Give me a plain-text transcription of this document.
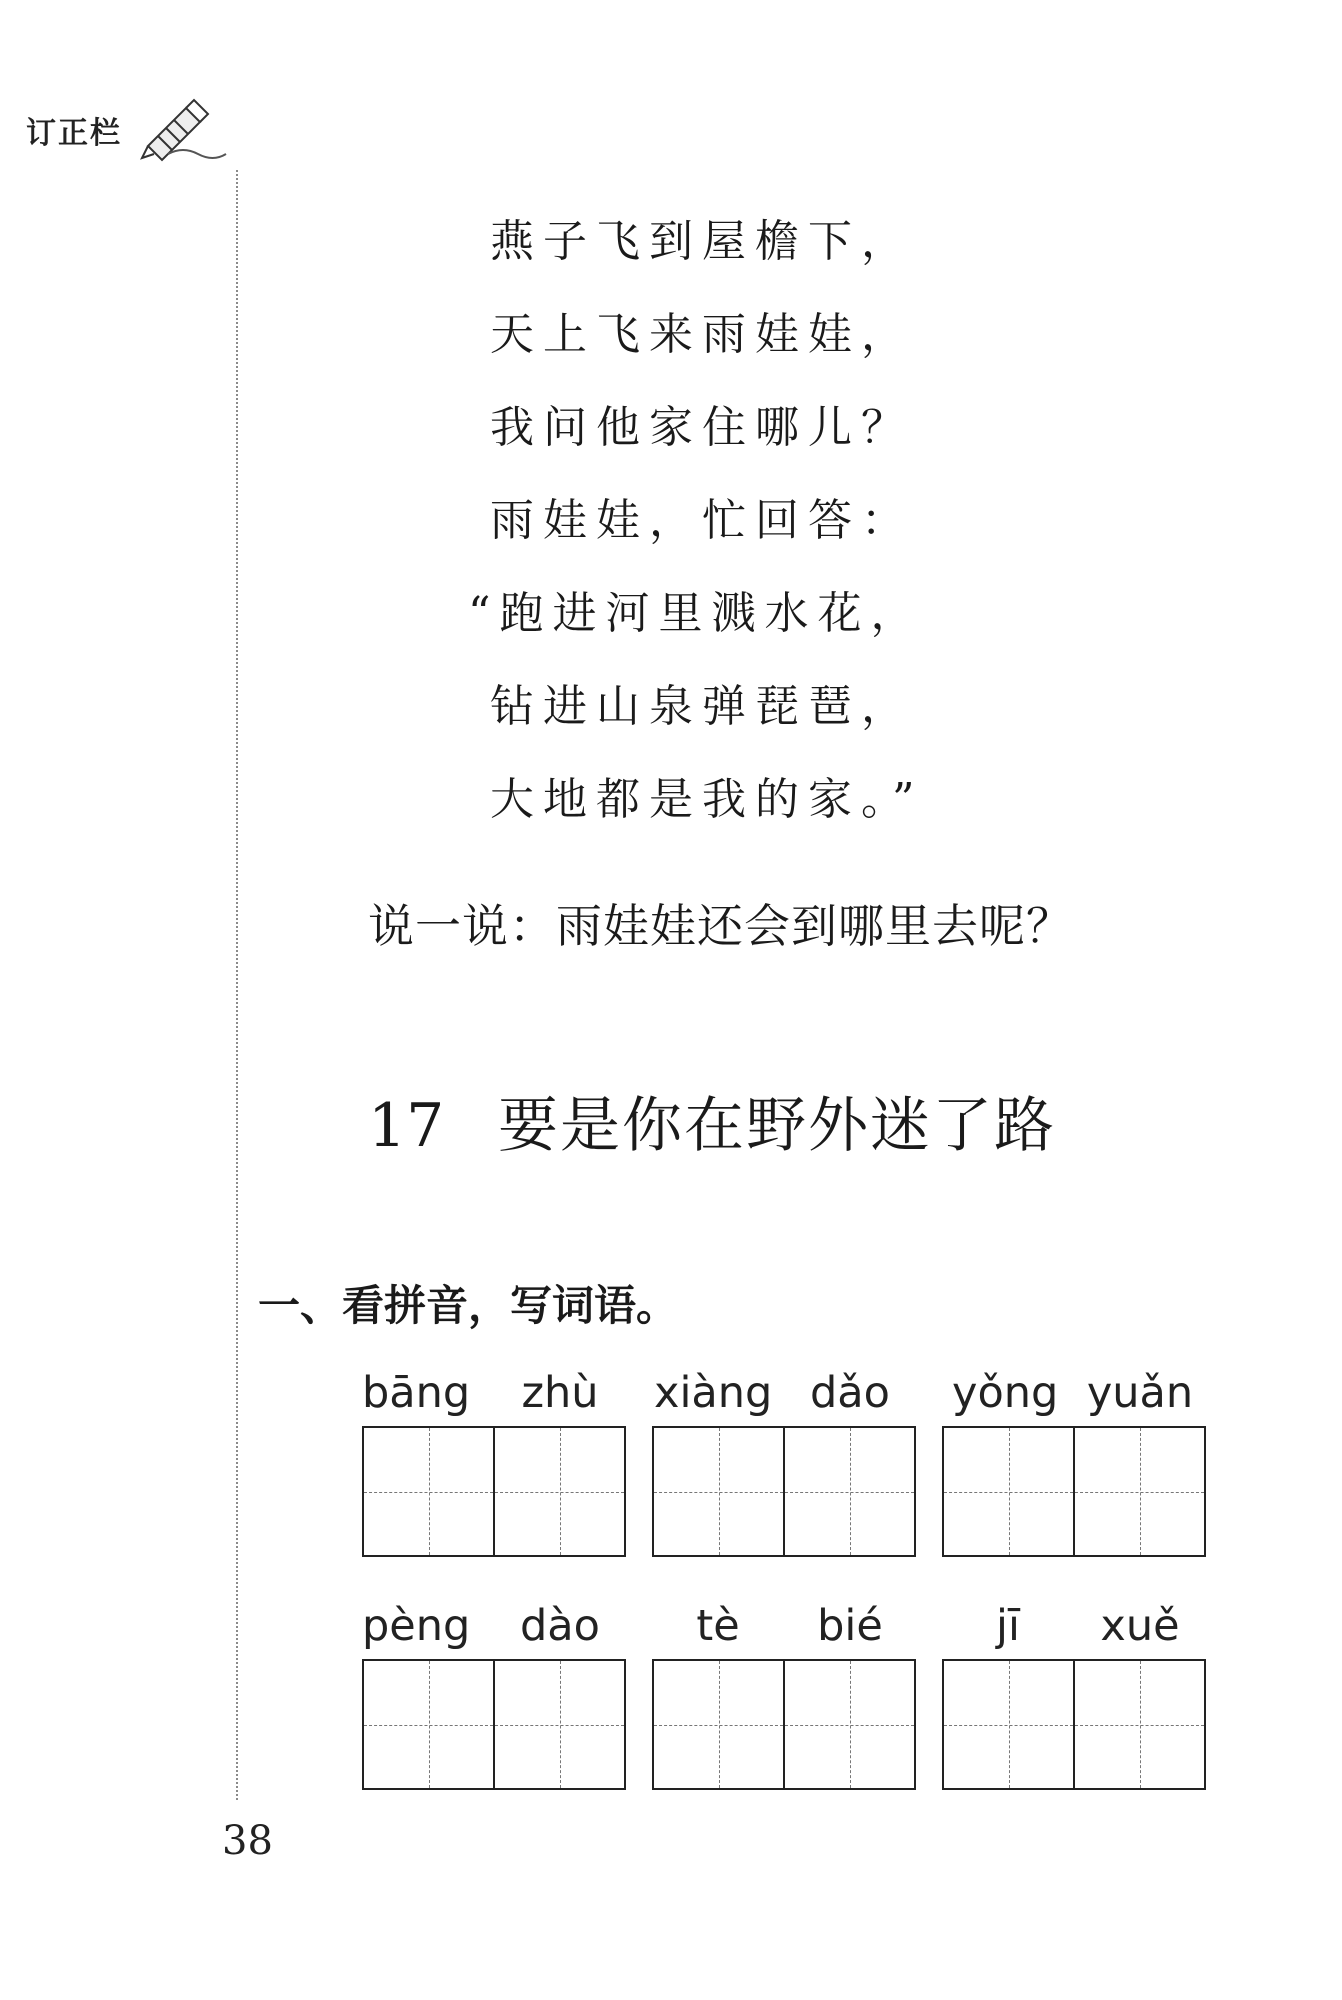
订正栏
燕子飞到屋檐下，
天上飞来雨娃娃，
我问他家住哪儿？
雨娃娃，忙回答：
“跑进河里溅水花，
钻进山泉弹琵琶，
大地都是我的家。”
说一说：雨娃娃还会到哪里去呢？
17 要是你在野外迷了路
一、看拼音，写词语。
bāng	zhù	xiàng dǎo	yǒng yuǎn
pèng	dào	tè	bié	jī	xuě
38
